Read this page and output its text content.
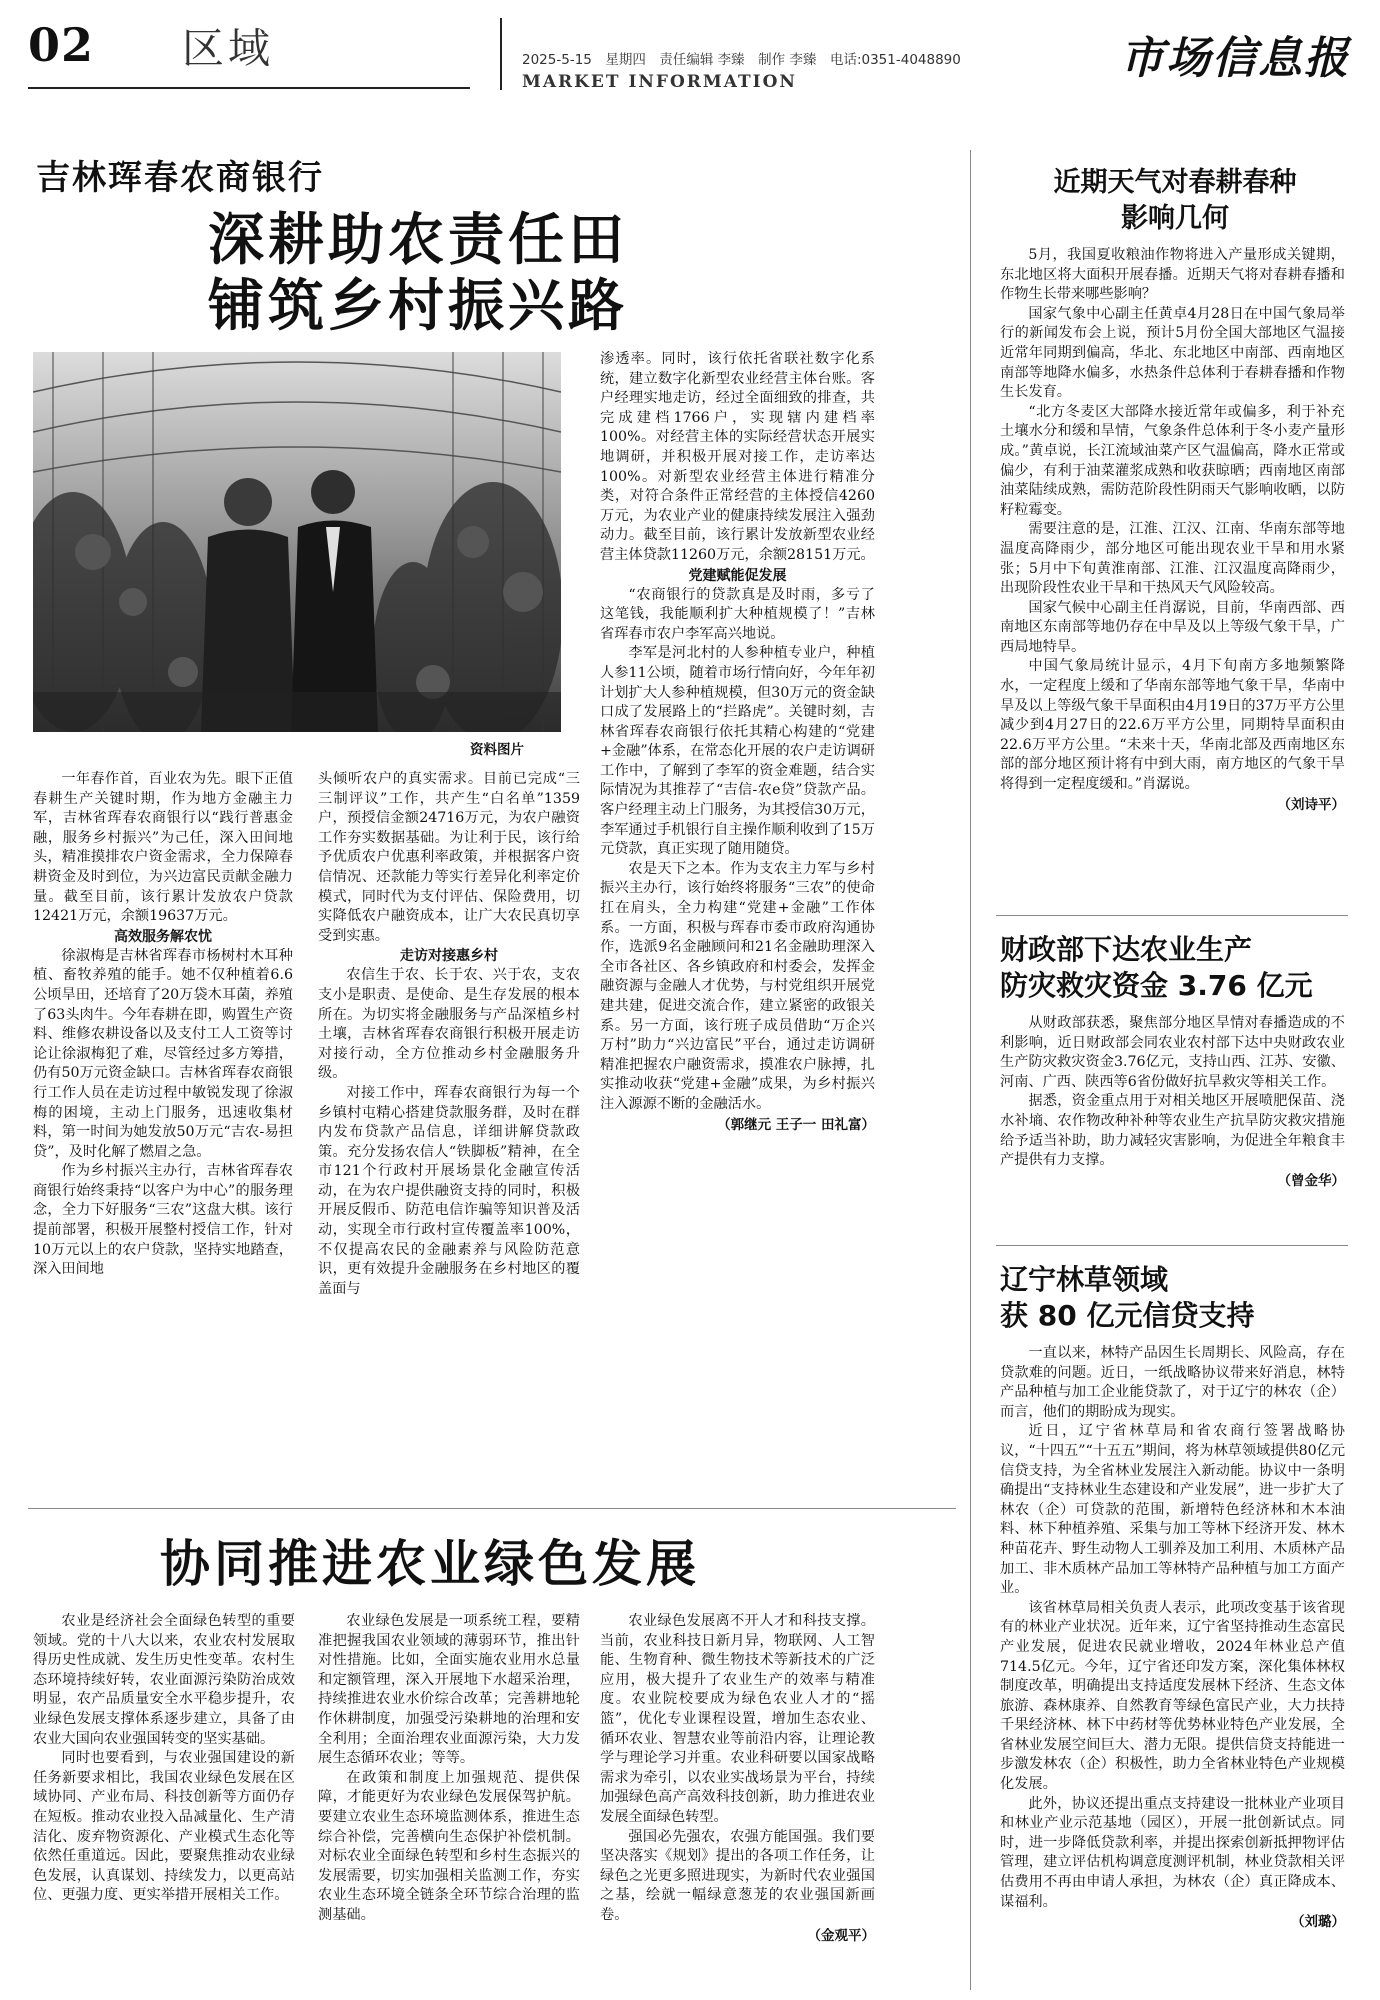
02 区域	2025-5-15　星期四　责任编辑 李臻　制作 李臻　电话:0351-4048890
MARKET INFORMATION	市场信息报
吉林珲春农商银行
深耕助农责任田
铺筑乡村振兴路
资料图片

渗透率。同时，该行依托省联社数字化系统，建立数字化新型农业经营主体台账。客户经理实地走访，经过全面细致的排查，共完成建档1766户，实现辖内建档率100%。对经营主体的实际经营状态开展实地调研，并积极开展对接工作，走访率达100%。对新型农业经营主体进行精准分类，对符合条件正常经营的主体授信4260万元，为农业产业的健康持续发展注入强劲动力。截至目前，该行累计发放新型农业经营主体贷款11260万元，余额28151万元。

党建赋能促发展

“农商银行的贷款真是及时雨，多亏了这笔钱，我能顺利扩大种植规模了！”吉林省珲春市农户李军高兴地说。

李军是河北村的人参种植专业户，种植人参11公顷，随着市场行情向好，今年年初计划扩大人参种植规模，但30万元的资金缺口成了发展路上的“拦路虎”。关键时刻，吉林省珲春农商银行依托其精心构建的“党建+金融”体系，在常态化开展的农户走访调研工作中，了解到了李军的资金难题，结合实际情况为其推荐了“吉信-农e贷”贷款产品。客户经理主动上门服务，为其授信30万元，李军通过手机银行自主操作顺利收到了15万元贷款，真正实现了随用随贷。

农是天下之本。作为支农主力军与乡村振兴主办行，该行始终将服务“三农”的使命扛在肩头，全力构建“党建+金融”工作体系。一方面，积极与珲春市委市政府沟通协作，选派9名金融顾问和21名金融助理深入全市各社区、各乡镇政府和村委会，发挥金融资源与金融人才优势，与村党组织开展党建共建，促进交流合作，建立紧密的政银关系。另一方面，该行班子成员借助“万企兴万村”助力“兴边富民”平台，通过走访调研精准把握农户融资需求，摸准农户脉搏，扎实推动收获“党建+金融”成果，为乡村振兴注入源源不断的金融活水。

（郭继元 王子一 田礼富）

一年春作首，百业农为先。眼下正值春耕生产关键时期，作为地方金融主力军，吉林省珲春农商银行以“践行普惠金融，服务乡村振兴”为己任，深入田间地头，精准摸排农户资金需求，全力保障春耕资金及时到位，为兴边富民贡献金融力量。截至目前，该行累计发放农户贷款12421万元，余额19637万元。

高效服务解农忧

徐淑梅是吉林省珲春市杨树村木耳种植、畜牧养殖的能手。她不仅种植着6.6公顷旱田，还培育了20万袋木耳菌，养殖了63头肉牛。今年春耕在即，购置生产资料、维修农耕设备以及支付工人工资等讨论让徐淑梅犯了难，尽管经过多方筹措，仍有50万元资金缺口。吉林省珲春农商银行工作人员在走访过程中敏锐发现了徐淑梅的困境，主动上门服务，迅速收集材料，第一时间为她发放50万元“吉农-易担贷”，及时化解了燃眉之急。

作为乡村振兴主办行，吉林省珲春农商银行始终秉持“以客户为中心”的服务理念，全力下好服务“三农”这盘大棋。该行提前部署，积极开展整村授信工作，针对10万元以上的农户贷款，坚持实地踏查，深入田间地

头倾听农户的真实需求。目前已完成“三三制评议”工作，共产生“白名单”1359户，预授信金额24716万元，为农户融资工作夯实数据基础。为让利于民，该行给予优质农户优惠利率政策，并根据客户资信情况、还款能力等实行差异化利率定价模式，同时代为支付评估、保险费用，切实降低农户融资成本，让广大农民真切享受到实惠。

走访对接惠乡村

农信生于农、长于农、兴于农，支农支小是职责、是使命、是生存发展的根本所在。为切实将金融服务与产品深植乡村土壤，吉林省珲春农商银行积极开展走访对接行动，全方位推动乡村金融服务升级。

对接工作中，珲春农商银行为每一个乡镇村屯精心搭建贷款服务群，及时在群内发布贷款产品信息，详细讲解贷款政策。充分发扬农信人“铁脚板”精神，在全市121个行政村开展场景化金融宣传活动，在为农户提供融资支持的同时，积极开展反假币、防范电信诈骗等知识普及活动，实现全市行政村宣传覆盖率100%，不仅提高农民的金融素养与风险防范意识，更有效提升金融服务在乡村地区的覆盖面与

协同推进农业绿色发展

农业是经济社会全面绿色转型的重要领域。党的十八大以来，农业农村发展取得历史性成就、发生历史性变革。农村生态环境持续好转，农业面源污染防治成效明显，农产品质量安全水平稳步提升，农业绿色发展支撑体系逐步建立，具备了由农业大国向农业强国转变的坚实基础。

同时也要看到，与农业强国建设的新任务新要求相比，我国农业绿色发展在区域协同、产业布局、科技创新等方面仍存在短板。推动农业投入品减量化、生产清洁化、废弃物资源化、产业模式生态化等依然任重道远。因此，要聚焦推动农业绿色发展，认真谋划、持续发力，以更高站位、更强力度、更实举措开展相关工作。

农业绿色发展是一项系统工程，要精准把握我国农业领域的薄弱环节，推出针对性措施。比如，全面实施农业用水总量和定额管理，深入开展地下水超采治理，持续推进农业水价综合改革；完善耕地轮作休耕制度，加强受污染耕地的治理和安全利用；全面治理农业面源污染，大力发展生态循环农业；等等。

在政策和制度上加强规范、提供保障，才能更好为农业绿色发展保驾护航。要建立农业生态环境监测体系，推进生态综合补偿，完善横向生态保护补偿机制。对标农业全面绿色转型和乡村生态振兴的发展需要，切实加强相关监测工作，夯实农业生态环境全链条全环节综合治理的监测基础。

农业绿色发展离不开人才和科技支撑。当前，农业科技日新月异，物联网、人工智能、生物育种、微生物技术等新技术的广泛应用，极大提升了农业生产的效率与精准度。农业院校要成为绿色农业人才的“摇篮”，优化专业课程设置，增加生态农业、循环农业、智慧农业等前沿内容，让理论教学与理论学习并重。农业科研要以国家战略需求为牵引，以农业实战场景为平台，持续加强绿色高产高效科技创新，助力推进农业发展全面绿色转型。

强国必先强农，农强方能国强。我们要坚决落实《规划》提出的各项工作任务，让绿色之光更多照进现实，为新时代农业强国之基，绘就一幅绿意葱茏的农业强国新画卷。

（金观平）
近期天气对春耕春种
影响几何

5月，我国夏收粮油作物将进入产量形成关键期，东北地区将大面积开展春播。近期天气将对春耕春播和作物生长带来哪些影响？

国家气象中心副主任黄卓4月28日在中国气象局举行的新闻发布会上说，预计5月份全国大部地区气温接近常年同期到偏高，华北、东北地区中南部、西南地区南部等地降水偏多，水热条件总体利于春耕春播和作物生长发育。

“北方冬麦区大部降水接近常年或偏多，利于补充土壤水分和缓和旱情，气象条件总体利于冬小麦产量形成。”黄卓说，长江流域油菜产区气温偏高，降水正常或偏少，有利于油菜灌浆成熟和收获晾晒；西南地区南部油菜陆续成熟，需防范阶段性阴雨天气影响收晒，以防籽粒霉变。

需要注意的是，江淮、江汉、江南、华南东部等地温度高降雨少，部分地区可能出现农业干旱和用水紧张；5月中下旬黄淮南部、江淮、江汉温度高降雨少，出现阶段性农业干旱和干热风天气风险较高。

国家气候中心副主任肖潺说，目前，华南西部、西南地区东南部等地仍存在中旱及以上等级气象干旱，广西局地特旱。

中国气象局统计显示，4月下旬南方多地频繁降水，一定程度上缓和了华南东部等地气象干旱，华南中旱及以上等级气象干旱面积由4月19日的37万平方公里减少到4月27日的22.6万平方公里，同期特旱面积由22.6万平方公里。“未来十天，华南北部及西南地区东部的部分地区预计将有中到大雨，南方地区的气象干旱将得到一定程度缓和。”肖潺说。

（刘诗平）
财政部下达农业生产
防灾救灾资金 3.76 亿元

从财政部获悉，聚焦部分地区旱情对春播造成的不利影响，近日财政部会同农业农村部下达中央财政农业生产防灾救灾资金3.76亿元，支持山西、江苏、安徽、河南、广西、陕西等6省份做好抗旱救灾等相关工作。

据悉，资金重点用于对相关地区开展喷肥保苗、浇水补墒、农作物改种补种等农业生产抗旱防灾救灾措施给予适当补助，助力减轻灾害影响，为促进全年粮食丰产提供有力支撑。

（曾金华）
辽宁林草领域
获 80 亿元信贷支持

一直以来，林特产品因生长周期长、风险高，存在贷款难的问题。近日，一纸战略协议带来好消息，林特产品种植与加工企业能贷款了，对于辽宁的林农（企）而言，他们的期盼成为现实。

近日，辽宁省林草局和省农商行签署战略协议，“十四五”“十五五”期间，将为林草领域提供80亿元信贷支持，为全省林业发展注入新动能。协议中一条明确提出“支持林业生态建设和产业发展”，进一步扩大了林农（企）可贷款的范围，新增特色经济林和木本油料、林下种植养殖、采集与加工等林下经济开发、林木种苗花卉、野生动物人工驯养及加工利用、木质林产品加工、非木质林产品加工等林特产品种植与加工方面产业。

该省林草局相关负责人表示，此项改变基于该省现有的林业产业状况。近年来，辽宁省坚持推动生态富民产业发展，促进农民就业增收，2024年林业总产值714.5亿元。今年，辽宁省还印发方案，深化集体林权制度改革，明确提出支持适度发展林下经济、生态文体旅游、森林康养、自然教育等绿色富民产业，大力扶持千果经济林、林下中药材等优势林业特色产业发展，全省林业发展空间巨大、潜力无限。提供信贷支持能进一步激发林农（企）积极性，助力全省林业特色产业规模化发展。

此外，协议还提出重点支持建设一批林业产业项目和林业产业示范基地（园区），开展一批创新试点。同时，进一步降低贷款利率，并提出探索创新抵押物评估管理，建立评估机构调意度测评机制，林业贷款相关评估费用不再由申请人承担，为林农（企）真正降成本、谋福利。

（刘璐）
